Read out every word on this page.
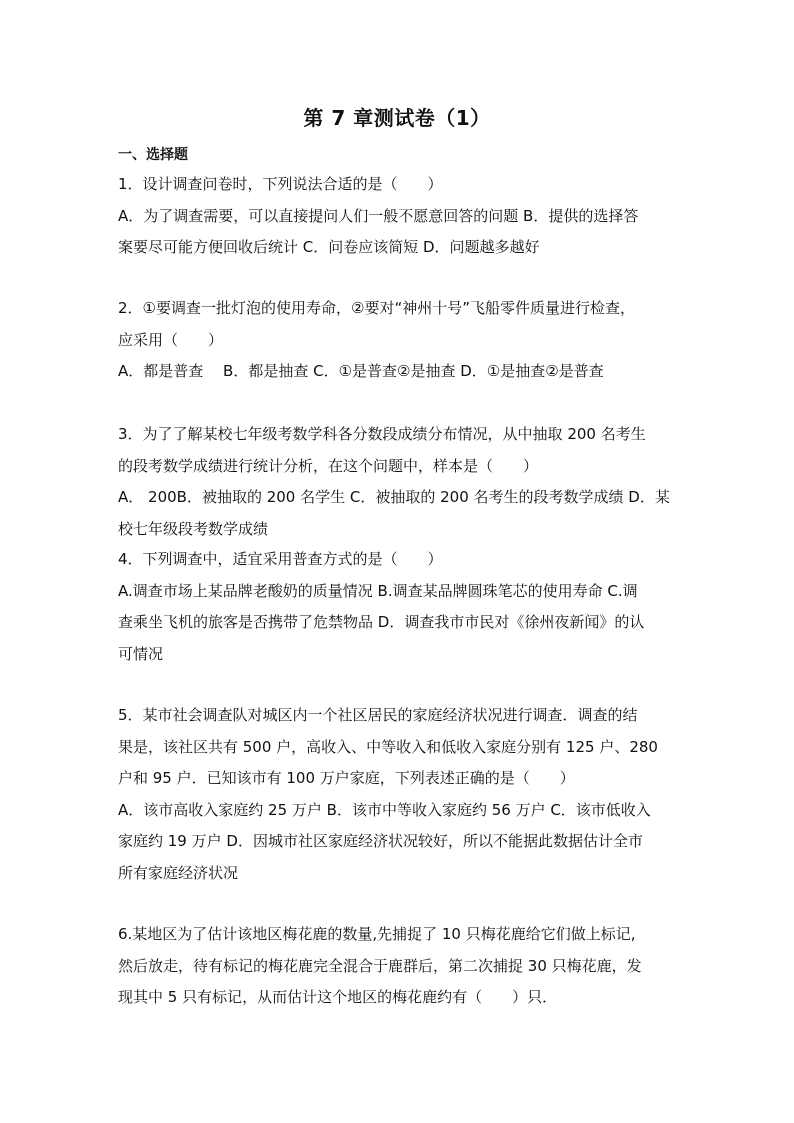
第 7 章测试卷（1）
一、选择题
1．设计调查问卷时，下列说法合适的是（　　）
A．为了调查需要，可以直接提问人们一般不愿意回答的问题 B．提供的选择答
案要尽可能方便回收后统计 C．问卷应该简短 D．问题越多越好
2．①要调查一批灯泡的使用寿命，②要对“神州十号”飞船零件质量进行检查，
应采用（　　）
A．都是普查　 B．都是抽查 C．①是普查②是抽查 D．①是抽查②是普查
3．为了了解某校七年级考数学科各分数段成绩分布情况，从中抽取 200 名考生
的段考数学成绩进行统计分析，在这个问题中，样本是（　　）
A． 200B．被抽取的 200 名学生 C．被抽取的 200 名考生的段考数学成绩 D．某
校七年级段考数学成绩
4．下列调查中，适宜采用普查方式的是（　　）
A.调查市场上某品牌老酸奶的质量情况 B.调查某品牌圆珠笔芯的使用寿命 C.调
查乘坐飞机的旅客是否携带了危禁物品 D．调查我市市民对《徐州夜新闻》的认
可情况
5．某市社会调查队对城区内一个社区居民的家庭经济状况进行调查．调查的结
果是，该社区共有 500 户，高收入、中等收入和低收入家庭分别有 125 户、280
户和 95 户．已知该市有 100 万户家庭，下列表述正确的是（　　）
A．该市高收入家庭约 25 万户 B．该市中等收入家庭约 56 万户 C．该市低收入
家庭约 19 万户 D．因城市社区家庭经济状况较好，所以不能据此数据估计全市
所有家庭经济状况
6.某地区为了估计该地区梅花鹿的数量,先捕捉了 10 只梅花鹿给它们做上标记,
然后放走，待有标记的梅花鹿完全混合于鹿群后，第二次捕捉 30 只梅花鹿，发
现其中 5 只有标记，从而估计这个地区的梅花鹿约有（　　）只．
